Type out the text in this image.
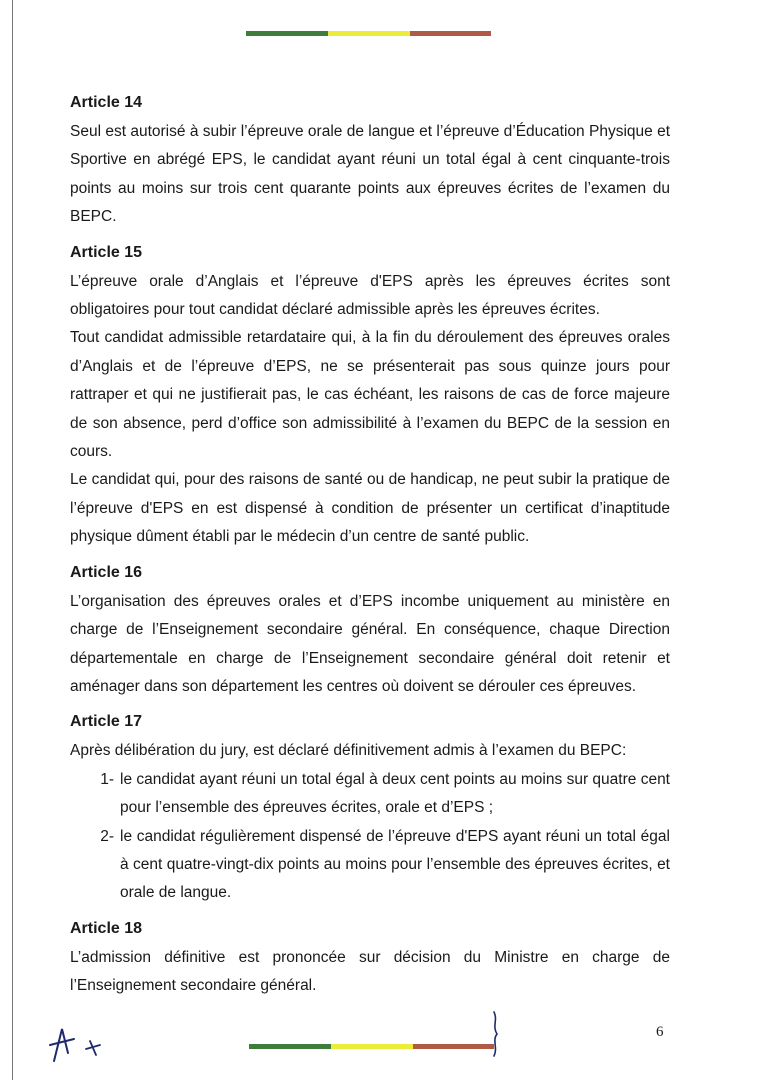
Article 14

Seul est autorisé à subir l’épreuve orale de langue et l’épreuve d’Éducation Physique et Sportive en abrégé EPS, le candidat ayant réuni un total égal à cent cinquante-trois points au moins sur trois cent quarante points aux épreuves écrites de l’examen du BEPC.

Article 15

L’épreuve orale d’Anglais et l’épreuve d'EPS après les épreuves écrites sont obligatoires pour tout candidat déclaré admissible après les épreuves écrites.

Tout candidat admissible retardataire qui, à la fin du déroulement des épreuves orales d’Anglais et de l’épreuve d’EPS, ne se présenterait pas sous quinze jours pour rattraper et qui ne justifierait pas, le cas échéant, les raisons de cas de force majeure de son absence, perd d’office son admissibilité à l’examen du BEPC de la session en cours.

Le candidat qui, pour des raisons de santé ou de handicap, ne peut subir la pratique de l’épreuve d'EPS en est dispensé à condition de présenter un certificat d’inaptitude physique dûment établi par le médecin d’un centre de santé public.

Article 16

L’organisation des épreuves orales et d’EPS incombe uniquement au ministère en charge de l’Enseignement secondaire général. En conséquence, chaque Direction départementale en charge de l’Enseignement secondaire général doit retenir et aménager dans son département les centres où doivent se dérouler ces épreuves.

Article 17

Après délibération du jury, est déclaré définitivement admis à l’examen du BEPC:

1- le candidat ayant réuni un total égal à deux cent points au moins sur quatre cent pour l’ensemble des épreuves écrites, orale et d’EPS ;
2- le candidat régulièrement dispensé de l’épreuve d'EPS ayant réuni un total égal à cent quatre-vingt-dix points au moins pour l’ensemble des épreuves écrites, et orale de langue.

Article 18

L’admission définitive est prononcée sur décision du Ministre en charge de l’Enseignement secondaire général.

6
